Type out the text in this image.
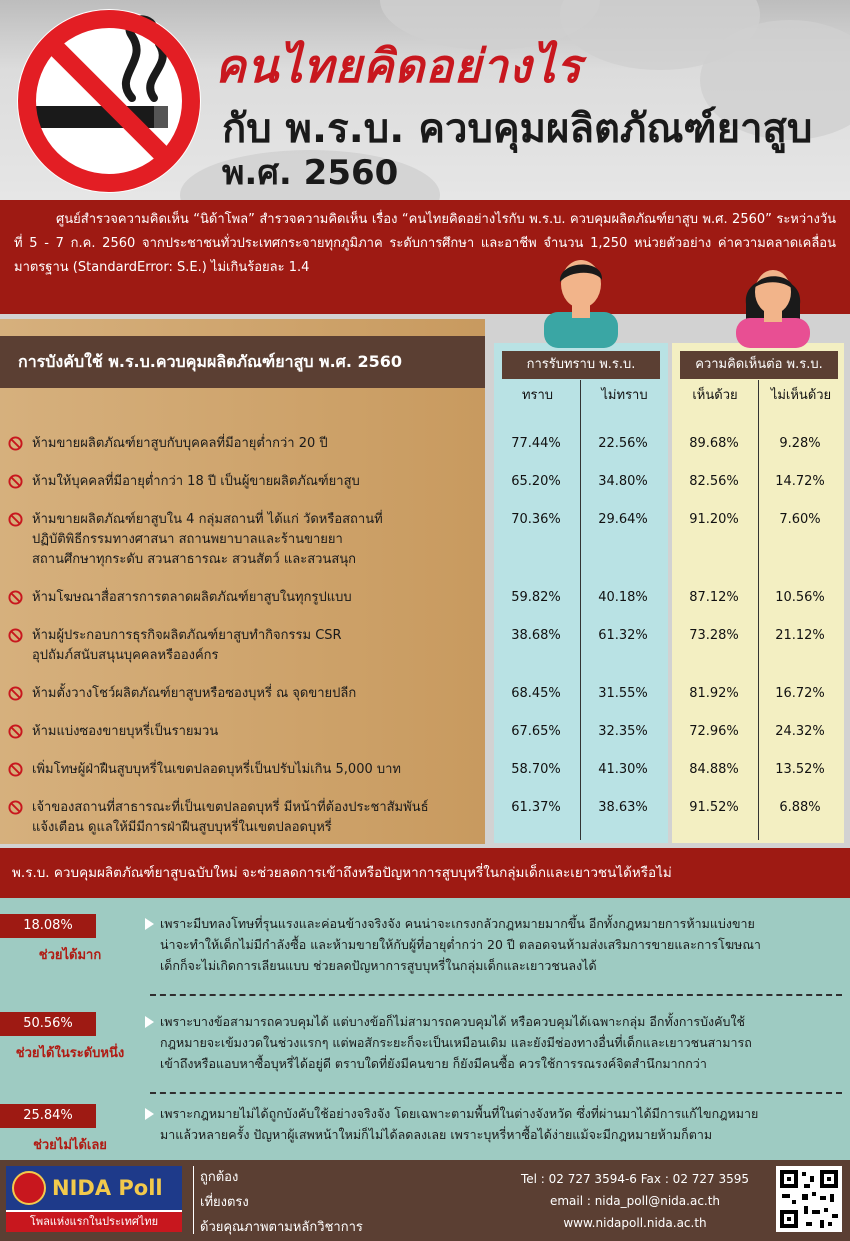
คนไทยคิดอย่างไร
กับ พ.ร.บ. ควบคุมผลิตภัณฑ์ยาสูบ
พ.ศ. 2560

ศูนย์สำรวจความคิดเห็น “นิด้าโพล” สำรวจความคิดเห็น เรื่อง “คนไทยคิดอย่างไรกับ พ.ร.บ. ควบคุมผลิตภัณฑ์ยาสูบ พ.ศ. 2560” ระหว่างวันที่ 5 - 7 ก.ค. 2560 จากประชาชนทั่วประเทศกระจายทุกภูมิภาค ระดับการศึกษา และอาชีพ จำนวน 1,250 หน่วยตัวอย่าง ค่าความคลาดเคลื่อนมาตรฐาน (StandardError: S.E.) ไม่เกินร้อยละ 1.4

การบังคับใช้ พ.ร.บ.ควบคุมผลิตภัณฑ์ยาสูบ พ.ศ. 2560	การรับทราบ พ.ร.บ.	ความคิดเห็นต่อ พ.ร.บ.
ทราบ	ไม่ทราบ	เห็นด้วย	ไม่เห็นด้วย
ห้ามขายผลิตภัณฑ์ยาสูบกับบุคคลที่มีอายุต่ำกว่า 20 ปี	77.44%	22.56%	89.68%	9.28%
ห้ามให้บุคคลที่มีอายุต่ำกว่า 18 ปี เป็นผู้ขายผลิตภัณฑ์ยาสูบ	65.20%	34.80%	82.56%	14.72%
ห้ามขายผลิตภัณฑ์ยาสูบใน 4 กลุ่มสถานที่ ได้แก่ วัดหรือสถานที่
ปฏิบัติพิธีกรรมทางศาสนา สถานพยาบาลและร้านขายยา
สถานศึกษาทุกระดับ สวนสาธารณะ สวนสัตว์ และสวนสนุก
70.36%	29.64%	91.20%	7.60%
ห้ามโฆษณาสื่อสารการตลาดผลิตภัณฑ์ยาสูบในทุกรูปแบบ	59.82%	40.18%	87.12%	10.56%
ห้ามผู้ประกอบการธุรกิจผลิตภัณฑ์ยาสูบทำกิจกรรม CSR
อุปถัมภ์สนับสนุนบุคคลหรือองค์กร
38.68%	61.32%	73.28%	21.12%
ห้ามตั้งวางโชว์ผลิตภัณฑ์ยาสูบหรือซองบุหรี่ ณ จุดขายปลีก	68.45%	31.55%	81.92%	16.72%
ห้ามแบ่งซองขายบุหรี่เป็นรายมวน	67.65%	32.35%	72.96%	24.32%
เพิ่มโทษผู้ฝ่าฝืนสูบบุหรี่ในเขตปลอดบุหรี่เป็นปรับไม่เกิน 5,000 บาท	58.70%	41.30%	84.88%	13.52%
เจ้าของสถานที่สาธารณะที่เป็นเขตปลอดบุหรี่ มีหน้าที่ต้องประชาสัมพันธ์
แจ้งเตือน ดูแลให้มีมีการฝ่าฝืนสูบบุหรี่ในเขตปลอดบุหรี่
61.37%	38.63%	91.52%	6.88%
พ.ร.บ. ควบคุมผลิตภัณฑ์ยาสูบฉบับใหม่ จะช่วยลดการเข้าถึงหรือปัญหาการสูบบุหรี่ในกลุ่มเด็กและเยาวชนได้หรือไม่
18.08%
ช่วยได้มาก
เพราะมีบทลงโทษที่รุนแรงและค่อนข้างจริงจัง คนน่าจะเกรงกลัวกฎหมายมากขึ้น อีกทั้งกฎหมายการห้ามแบ่งขาย
น่าจะทำให้เด็กไม่มีกำลังซื้อ และห้ามขายให้กับผู้ที่อายุต่ำกว่า 20 ปี ตลอดจนห้ามส่งเสริมการขายและการโฆษณา
เด็กก็จะไม่เกิดการเลียนแบบ ช่วยลดปัญหาการสูบบุหรี่ในกลุ่มเด็กและเยาวชนลงได้
50.56%
ช่วยได้ในระดับหนึ่ง
เพราะบางข้อสามารถควบคุมได้ แต่บางข้อก็ไม่สามารถควบคุมได้ หรือควบคุมได้เฉพาะกลุ่ม อีกทั้งการบังคับใช้
กฎหมายจะเข้มงวดในช่วงแรกๆ แต่พอสักระยะก็จะเป็นเหมือนเดิม และยังมีช่องทางอื่นที่เด็กและเยาวชนสามารถ
เข้าถึงหรือแอบหาซื้อบุหรี่ได้อยู่ดี ตราบใดที่ยังมีคนขาย ก็ยังมีคนซื้อ ควรใช้การรณรงค์จิตสำนึกมากกว่า
25.84%
ช่วยไม่ได้เลย
เพราะกฎหมายไม่ได้ถูกบังคับใช้อย่างจริงจัง โดยเฉพาะตามพื้นที่ในต่างจังหวัด ซึ่งที่ผ่านมาได้มีการแก้ไขกฎหมาย
มาแล้วหลายครั้ง ปัญหาผู้เสพหน้าใหม่ก็ไม่ได้ลดลงเลย เพราะบุหรี่หาซื้อได้ง่ายแม้จะมีกฎหมายห้ามก็ตาม
NIDA Poll
โพลแห่งแรกในประเทศไทย
ถูกต้อง
เที่ยงตรง
ด้วยคุณภาพตามหลักวิชาการ
Tel : 02 727 3594-6 Fax : 02 727 3595
email : nida_poll@nida.ac.th
www.nidapoll.nida.ac.th
